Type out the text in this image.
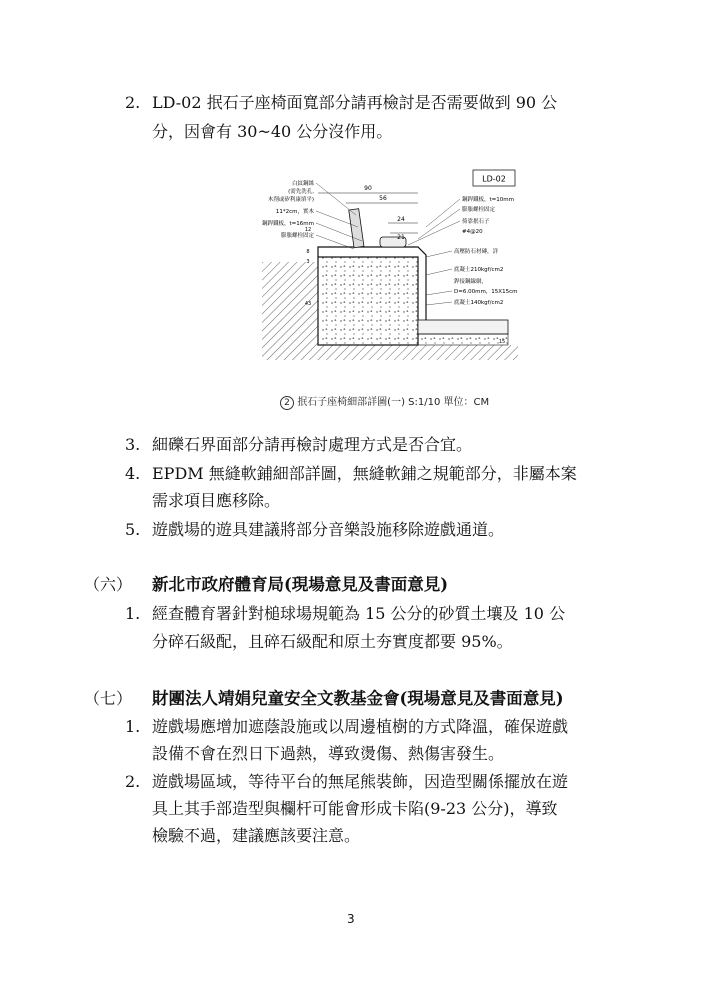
2. LD-02 抿石子座椅面寬部分請再檢討是否需要做到 90 公
分，因會有 30~40 公分沒作用。
LD-02
90
56
24
21
12
8
3
43
15
白紋鋼絲
(需先洗孔,
木削或矽利康填平)
11*2cm，實木
鋼銲鐵板，t=16mm
膨脹螺栓固定
鋼銲鐵板，t=10mm
膨脹螺栓固定
倚靠抿石子
#4@20
高壓防石材磚，詳
底凝土210kgf/cm2
銲接鋼線網，
D=6.00mm，15X15cm
底凝土140kgf/cm2
2 抿石子座椅細部詳圖(一) S:1/10 單位：CM
3. 細礫石界面部分請再檢討處理方式是否合宜。
4. EPDM 無縫軟鋪細部詳圖，無縫軟鋪之規範部分，非屬本案
需求項目應移除。
5. 遊戲場的遊具建議將部分音樂設施移除遊戲通道。
（六） 新北市政府體育局(現場意見及書面意見)
1. 經查體育署針對槌球場規範為 15 公分的砂質土壤及 10 公
分碎石級配，且碎石級配和原土夯實度都要 95%。
（七） 財團法人靖娟兒童安全文教基金會(現場意見及書面意見)
1. 遊戲場應增加遮蔭設施或以周邊植樹的方式降溫，確保遊戲
設備不會在烈日下過熱，導致燙傷、熱傷害發生。
2. 遊戲場區域，等待平台的無尾熊裝飾，因造型關係擺放在遊
具上其手部造型與欄杆可能會形成卡陷(9-23 公分)，導致
檢驗不過，建議應該要注意。
3
